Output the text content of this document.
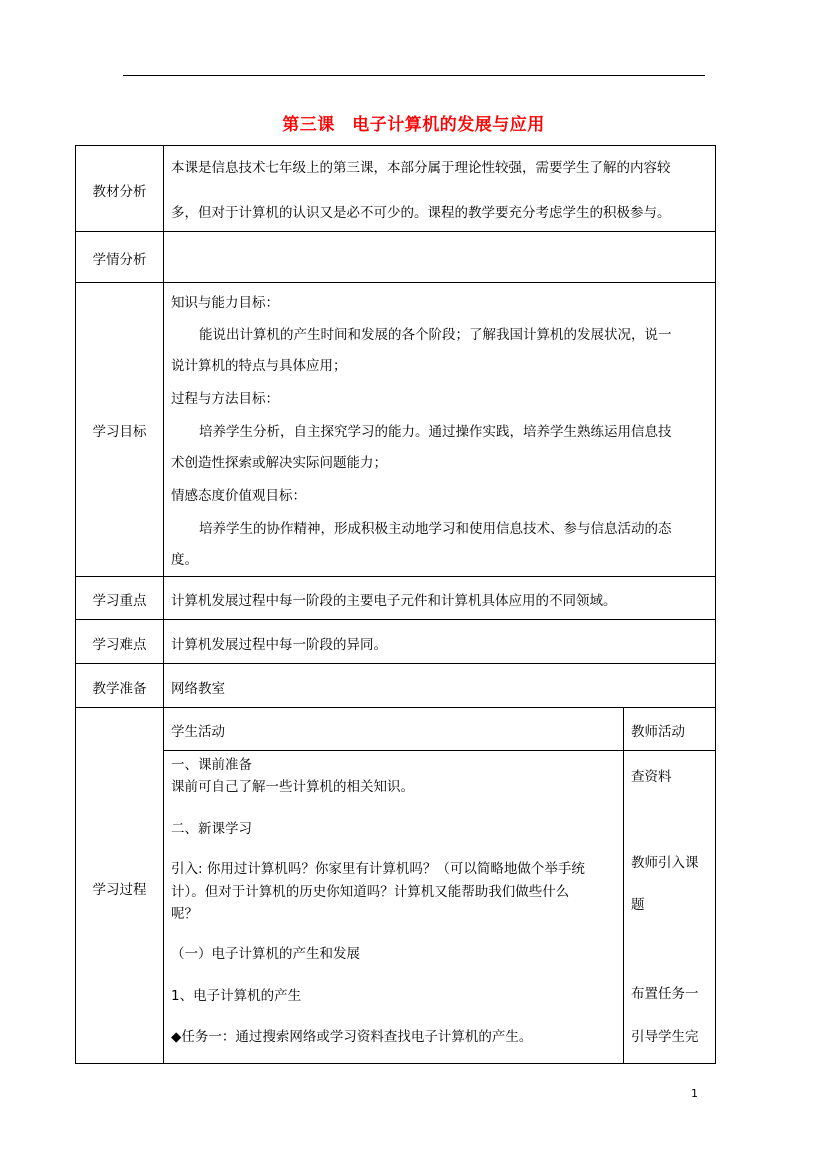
第三课　电子计算机的发展与应用
教材分析
学情分析
学习目标
学习重点
学习难点
教学准备
学习过程
本课是信息技术七年级上的第三课，本部分属于理论性较强，需要学生了解的内容较
多，但对于计算机的认识又是必不可少的。课程的教学要充分考虑学生的积极参与。
知识与能力目标：
能说出计算机的产生时间和发展的各个阶段；了解我国计算机的发展状况，说一
说计算机的特点与具体应用；
过程与方法目标：
培养学生分析，自主探究学习的能力。通过操作实践，培养学生熟练运用信息技
术创造性探索或解决实际问题能力；
情感态度价值观目标：
培养学生的协作精神，形成积极主动地学习和使用信息技术、参与信息活动的态
度。
计算机发展过程中每一阶段的主要电子元件和计算机具体应用的不同领域。
计算机发展过程中每一阶段的异同。
网络教室
学生活动	教师活动
一、课前准备
课前可自己了解一些计算机的相关知识。
二、新课学习
引入: 你用过计算机吗？你家里有计算机吗？（可以简略地做个举手统
计）。但对于计算机的历史你知道吗？计算机又能帮助我们做些什么
呢？
（一）电子计算机的产生和发展
1、电子计算机的产生
◆任务一：通过搜索网络或学习资料查找电子计算机的产生。
查资料
教师引入课
题
布置任务一
引导学生完
1
